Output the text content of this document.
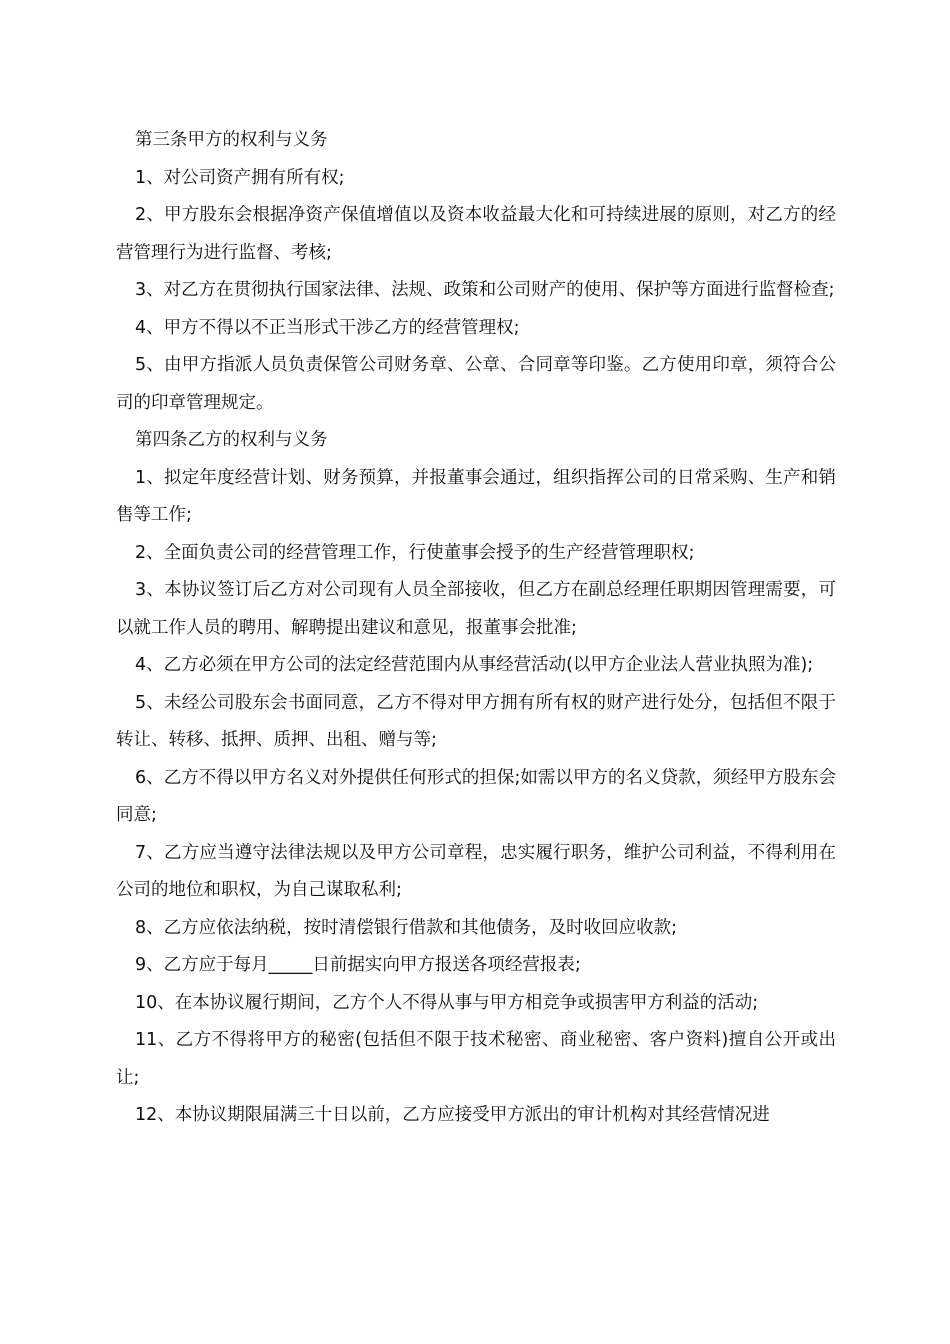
第三条甲方的权利与义务

1、对公司资产拥有所有权;

2、甲方股东会根据净资产保值增值以及资本收益最大化和可持续进展的原则，对乙方的经营管理行为进行监督、考核;

3、对乙方在贯彻执行国家法律、法规、政策和公司财产的使用、保护等方面进行监督检查;

4、甲方不得以不正当形式干涉乙方的经营管理权;

5、由甲方指派人员负责保管公司财务章、公章、合同章等印鉴。乙方使用印章，须符合公司的印章管理规定。

第四条乙方的权利与义务

1、拟定年度经营计划、财务预算，并报董事会通过，组织指挥公司的日常采购、生产和销售等工作;

2、全面负责公司的经营管理工作，行使董事会授予的生产经营管理职权;

3、本协议签订后乙方对公司现有人员全部接收，但乙方在副总经理任职期因管理需要，可以就工作人员的聘用、解聘提出建议和意见，报董事会批准;

4、乙方必须在甲方公司的法定经营范围内从事经营活动(以甲方企业法人营业执照为准);

5、未经公司股东会书面同意，乙方不得对甲方拥有所有权的财产进行处分，包括但不限于转让、转移、抵押、质押、出租、赠与等;

6、乙方不得以甲方名义对外提供任何形式的担保;如需以甲方的名义贷款，须经甲方股东会同意;

7、乙方应当遵守法律法规以及甲方公司章程，忠实履行职务，维护公司利益，不得利用在公司的地位和职权，为自己谋取私利;

8、乙方应依法纳税，按时清偿银行借款和其他债务，及时收回应收款;

9、乙方应于每月_____日前据实向甲方报送各项经营报表;

10、在本协议履行期间，乙方个人不得从事与甲方相竞争或损害甲方利益的活动;

11、乙方不得将甲方的秘密(包括但不限于技术秘密、商业秘密、客户资料)擅自公开或出让;

12、本协议期限届满三十日以前，乙方应接受甲方派出的审计机构对其经营情况进
